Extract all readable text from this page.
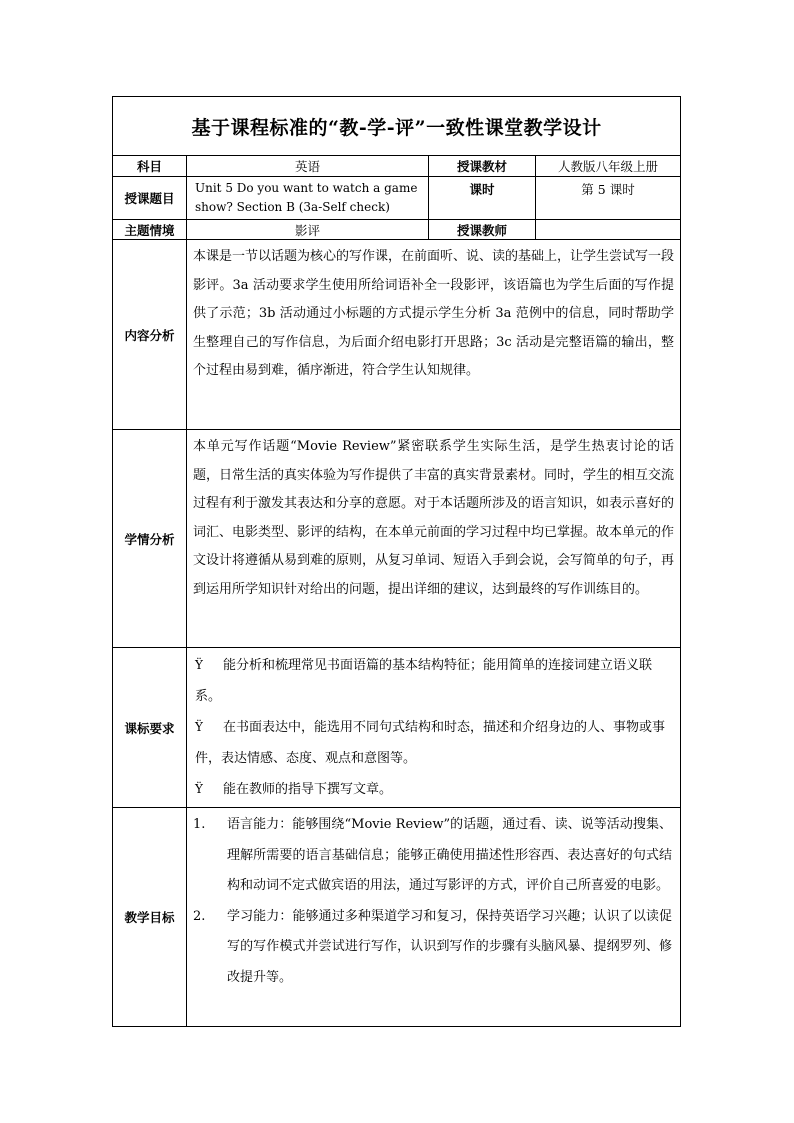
基于课程标准的“教-学-评”一致性课堂教学设计			
科目	英语	授课教材	人教版八年级上册
授课题目	Unit 5 Do you want to watch a game show? Section B (3a-Self check)	课时	第 5 课时
主题情境	影评	授课教师	
内容分析	本课是一节以话题为核心的写作课，在前面听、说、读的基础上，让学生尝试写一段影评。3a 活动要求学生使用所给词语补全一段影评，该语篇也为学生后面的写作提供了示范；3b 活动通过小标题的方式提示学生分析 3a 范例中的信息，同时帮助学生整理自己的写作信息，为后面介绍电影打开思路；3c 活动是完整语篇的输出，整个过程由易到难，循序渐进，符合学生认知规律。		
学情分析	本单元写作话题“Movie Review”紧密联系学生实际生活，是学生热衷讨论的话题，日常生活的真实体验为写作提供了丰富的真实背景素材。同时，学生的相互交流过程有利于激发其表达和分享的意愿。对于本话题所涉及的语言知识，如表示喜好的词汇、电影类型、影评的结构，在本单元前面的学习过程中均已掌握。故本单元的作文设计将遵循从易到难的原则，从复习单词、短语入手到会说，会写简单的句子，再到运用所学知识针对给出的问题，提出详细的建议，达到最终的写作训练目的。		
课标要求	Ÿ 能分析和梳理常见书面语篇的基本结构特征；能用简单的连接词建立语义联系。
Ÿ 在书面表达中，能选用不同句式结构和时态，描述和介绍身边的人、事物或事件，表达情感、态度、观点和意图等。
Ÿ 能在教师的指导下撰写文章。		

教学目标	1. 语言能力：能够围绕“Movie Review”的话题，通过看、读、说等活动搜集、理解所需要的语言基础信息；能够正确使用描述性形容西、表达喜好的句式结构和动词不定式做宾语的用法，通过写影评的方式，评价自己所喜爱的电影。
2. 学习能力：能够通过多种渠道学习和复习，保持英语学习兴趣；认识了以读促写的写作模式并尝试进行写作，认识到写作的步骤有头脑风暴、提纲罗列、修改提升等。		
